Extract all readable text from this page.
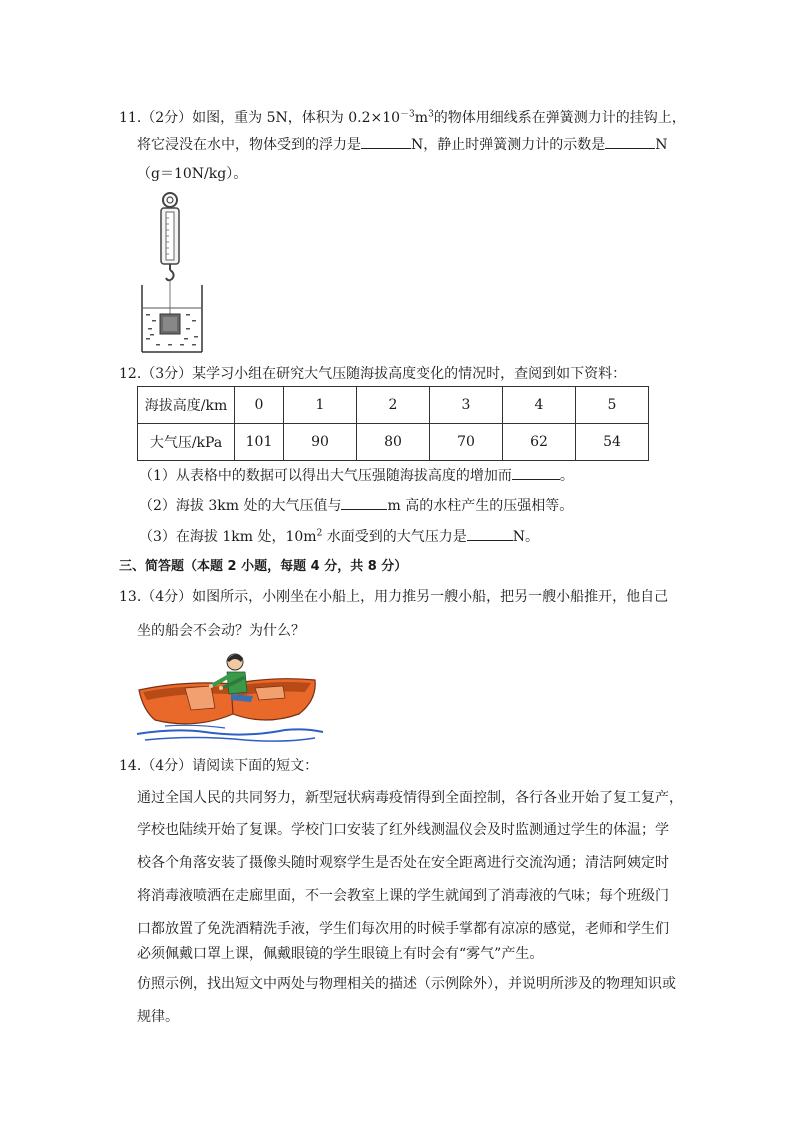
11.（2分）如图，重为 5N，体积为 $0.2\times 10^{-3}m^3$的物体用细线系在弹簧测力计的挂钩上，
将它浸没在水中，物体受到的浮力是	N，静止时弹簧测力计的示数是	N
（g＝10N/kg）。
12.（3分）某学习小组在研究大气压随海拔高度变化的情况时，查阅到如下资料：
海拔高度/km	0	1	2	3	4	5
大气压/kPa	101	90	80	70	62	54
（1）从表格中的数据可以得出大气压强随海拔高度的增加而	。
（2）海拔 3km 处的大气压值与	m 高的水柱产生的压强相等。
（3）在海拔 1km 处，$10m^2$ 水面受到的大气压力是	N。
三、简答题（本题 2 小题，每题 4 分，共 8 分）
13.（4分）如图所示，小刚坐在小船上，用力推另一艘小船，把另一艘小船推开，他自己
坐的船会不会动？为什么？
14.（4分）请阅读下面的短文：
通过全国人民的共同努力，新型冠状病毒疫情得到全面控制，各行各业开始了复工复产，
学校也陆续开始了复课。学校门口安装了红外线测温仪会及时监测通过学生的体温；学
校各个角落安装了摄像头随时观察学生是否处在安全距离进行交流沟通；清洁阿姨定时
将消毒液喷洒在走廊里面，不一会教室上课的学生就闻到了消毒液的气味；每个班级门
口都放置了免洗酒精洗手液，学生们每次用的时候手掌都有凉凉的感觉，老师和学生们
必须佩戴口罩上课，佩戴眼镜的学生眼镜上有时会有“雾气”产生。
仿照示例，找出短文中两处与物理相关的描述（示例除外），并说明所涉及的物理知识或
规律。
